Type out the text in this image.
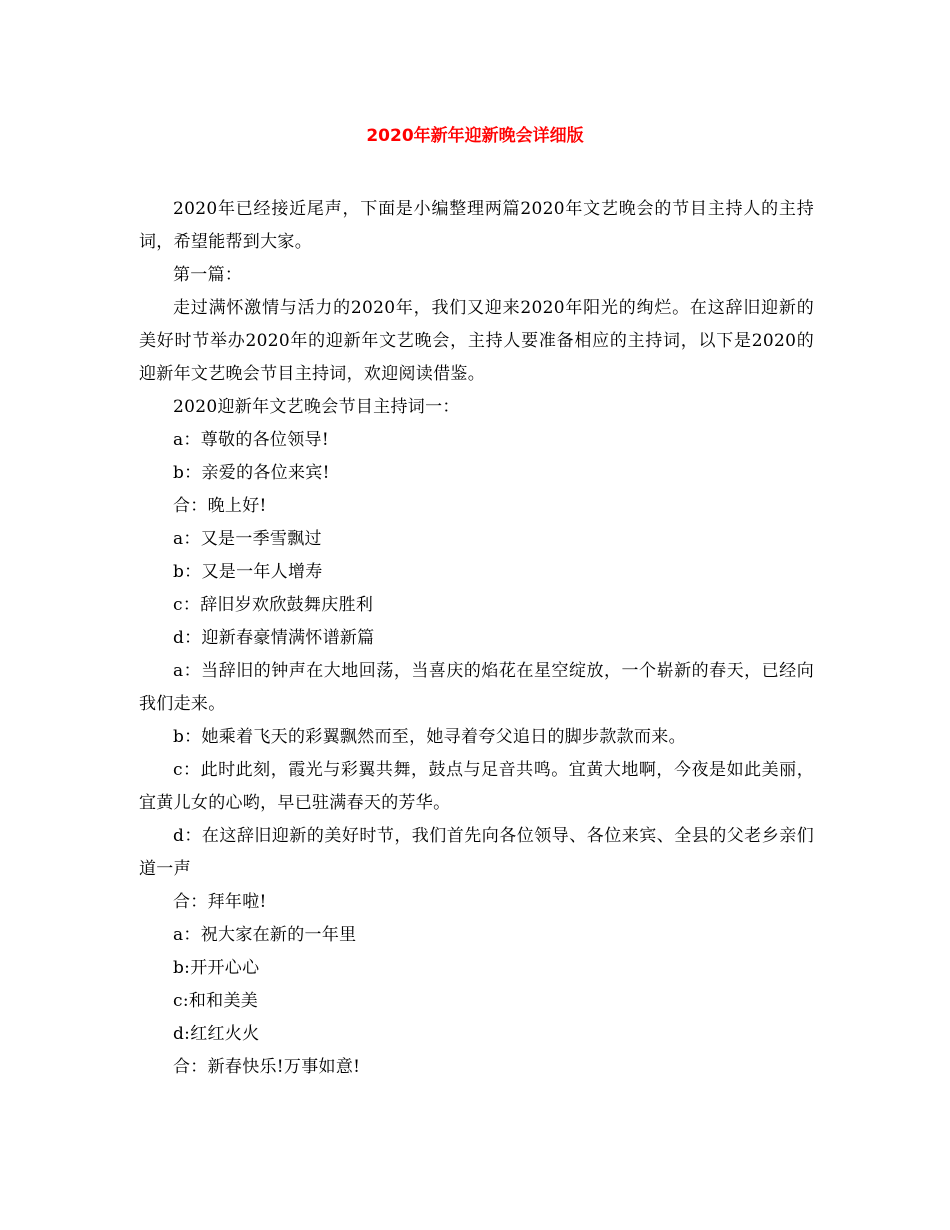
2020年新年迎新晚会详细版

2020年已经接近尾声，下面是小编整理两篇2020年文艺晚会的节目主持人的主持词，希望能帮到大家。

第一篇：

走过满怀激情与活力的2020年，我们又迎来2020年阳光的绚烂。在这辞旧迎新的美好时节举办2020年的迎新年文艺晚会，主持人要准备相应的主持词，以下是2020的迎新年文艺晚会节目主持词，欢迎阅读借鉴。

2020迎新年文艺晚会节目主持词一：

a：尊敬的各位领导!

b：亲爱的各位来宾!

合：晚上好!

a：又是一季雪飘过

b：又是一年人增寿

c：辞旧岁欢欣鼓舞庆胜利

d：迎新春豪情满怀谱新篇

a：当辞旧的钟声在大地回荡，当喜庆的焰花在星空绽放，一个崭新的春天，已经向我们走来。

b：她乘着飞天的彩翼飘然而至，她寻着夸父追日的脚步款款而来。

c：此时此刻，霞光与彩翼共舞，鼓点与足音共鸣。宜黄大地啊，今夜是如此美丽，宜黄儿女的心哟，早已驻满春天的芳华。

d：在这辞旧迎新的美好时节，我们首先向各位领导、各位来宾、全县的父老乡亲们道一声

合：拜年啦!

a：祝大家在新的一年里

b:开开心心

c:和和美美

d:红红火火

合：新春快乐!万事如意!
